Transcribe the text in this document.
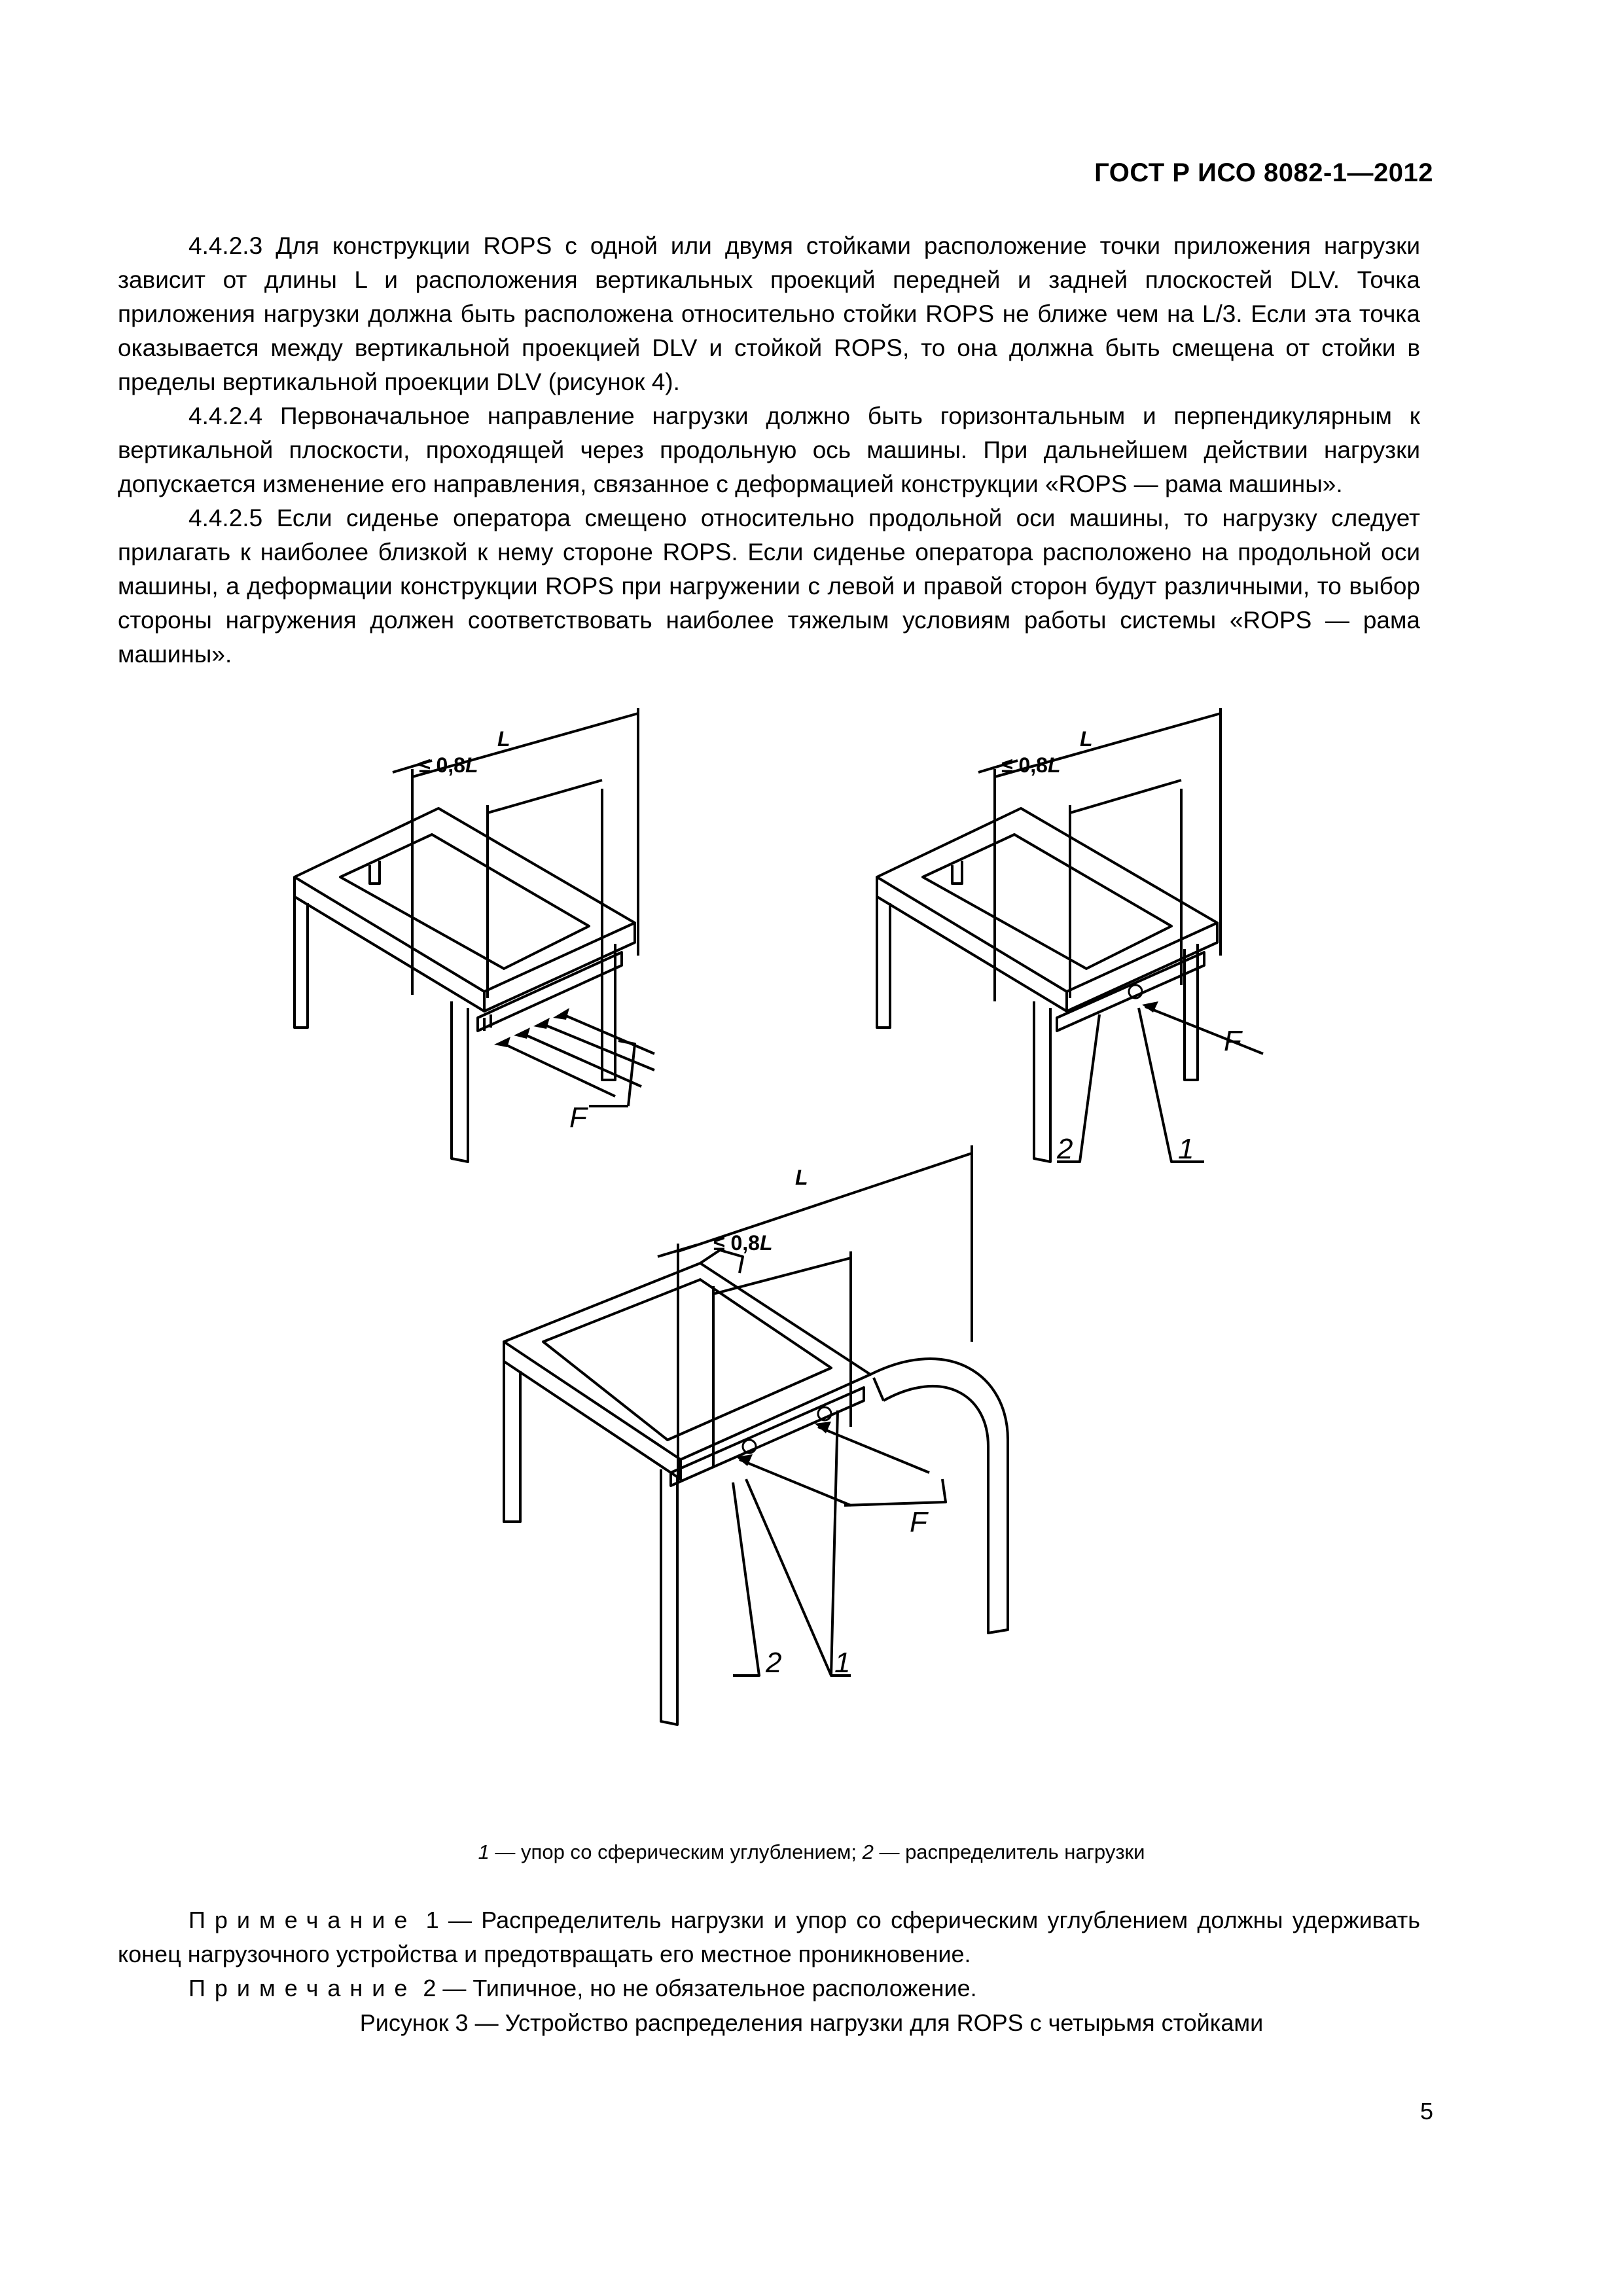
ГОСТ Р ИСО 8082-1—2012

4.4.2.3 Для конструкции ROPS с одной или двумя стойками расположение точки приложения нагрузки зависит от длины L и расположения вертикальных проекций передней и задней плоскостей DLV. Точка приложения нагрузки должна быть расположена относительно стойки ROPS не ближе чем на L/3. Если эта точка оказывается между вертикальной проекцией DLV и стойкой ROPS, то она должна быть смещена от стойки в пределы вертикальной проекции DLV (рисунок 4).

4.4.2.4 Первоначальное направление нагрузки должно быть горизонтальным и перпендикулярным к вертикальной плоскости, проходящей через продольную ось машины. При дальнейшем действии нагрузки допускается изменение его направления, связанное с деформацией конструкции «ROPS — рама машины».

4.4.2.5 Если сиденье оператора смещено относительно продольной оси машины, то нагрузку следует прилагать к наиболее близкой к нему стороне ROPS. Если сиденье оператора расположено на продольной оси машины, а деформации конструкции ROPS при нагружении с левой и правой сторон будут различными, то выбор стороны нагружения должен соответствовать наиболее тяжелым условиям работы системы «ROPS — рама машины».

L
≤ 0,8L
F
L
≤ 0,8L
F
2	1
L
≤ 0,8L
F
2 1
1 — упор со сферическим углублением; 2 — распределитель нагрузки

Примечание 1 — Распределитель нагрузки и упор со сферическим углублением должны удерживать конец нагрузочного устройства и предотвращать его местное проникновение.

Примечание 2 — Типичное, но не обязательное расположение.

Рисунок 3 — Устройство распределения нагрузки для ROPS с четырьмя стойками
5
